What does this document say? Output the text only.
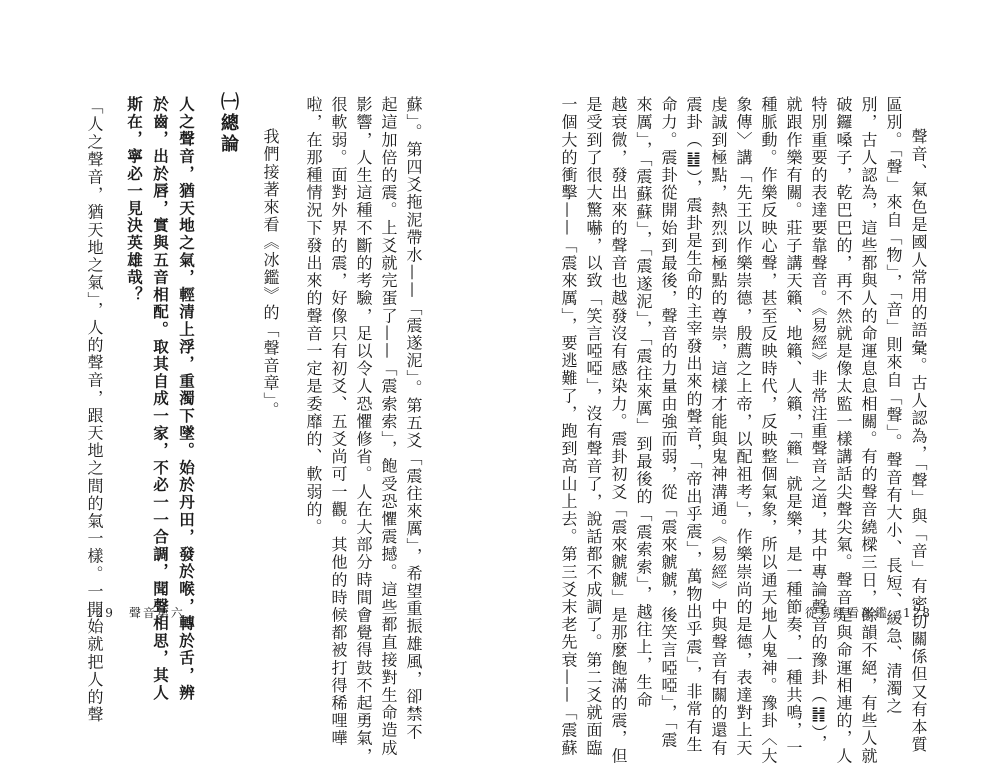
聲音、氣色是國人常用的語彙。古人認為，「聲」與「音」有密切關係但又有本質
區別。「聲」來自「物」，「音」則來自「聲」。聲音有大小、長短、緩急、清濁之
別，古人認為，這些都與人的命運息息相關。有的聲音繞樑三日，餘韻不絕，有些人就
破鑼嗓子，乾巴巴的，再不然就是像太監一樣講話尖聲尖氣。聲音是與命運相連的，人
特別重要的表達要靠聲音。《易經》非常注重聲音之道，其中專論聲音的豫卦（䷏），
就跟作樂有關。莊子講天籟、地籟、人籟，「籟」就是樂，是一種節奏，一種共鳴，一
種脈動。作樂反映心聲，甚至反映時代，反映整個氣象，所以通天地人鬼神。豫卦〈大
象傳〉講「先王以作樂崇德，殷薦之上帝，以配祖考」，作樂崇尚的是德，表達對上天
虔誠到極點，熱烈到極點的尊崇，這樣才能與鬼神溝通。《易經》中與聲音有關的還有
震卦（䷲），震卦是生命的主宰發出來的聲音，「帝出乎震」，萬物出乎震」，非常有生
命力。震卦從開始到最後，聲音的力量由強而弱，從「震來虩虩，後笑言啞啞」，「震
來厲」，「震蘇蘇」，「震遂泥」，「震往來厲」到最後的「震索索」，越往上，生命
越衰微，發出來的聲音也越發沒有感染力。震卦初爻「震來虩虩」是那麼飽滿的震，但
是受到了很大驚嚇，以致「笑言啞啞」，沒有聲音了，說話都不成調了。第二爻就面臨
一個大的衝擊——「震來厲」，要逃難了，跑到高山上去。第三爻末老先衰——「震蘇	從易經看冰鑑　128
蘇」。第四爻拖泥帶水——「震遂泥」。第五爻「震往來厲」，希望重振雄風，卻禁不
起這加倍的震。上爻就完蛋了——「震索索」，飽受恐懼震撼。這些都直接對生命造成
影響，人生這種不斷的考驗，足以令人恐懼修省。人在大部分時間會覺得鼓不起勇氣，
很軟弱。面對外界的震，好像只有初爻、五爻尚可一觀。其他的時候都被打得稀哩嘩
啦，在那種情況下發出來的聲音一定是委靡的、軟弱的。
我們接著來看《冰鑑》的「聲音章」。
㈠總論
人之聲音，猶天地之氣，輕清上浮，重濁下墜。始於丹田，發於喉，轉於舌，辨
於齒，出於唇，實與五音相配。取其自成一家，不必一一合調，聞聲相思，其人
斯在，寧必一見決英雄哉？
「人之聲音，猶天地之氣」，人的聲音，跟天地之間的氣一樣。一開始就把人的聲
129　聲音第六
